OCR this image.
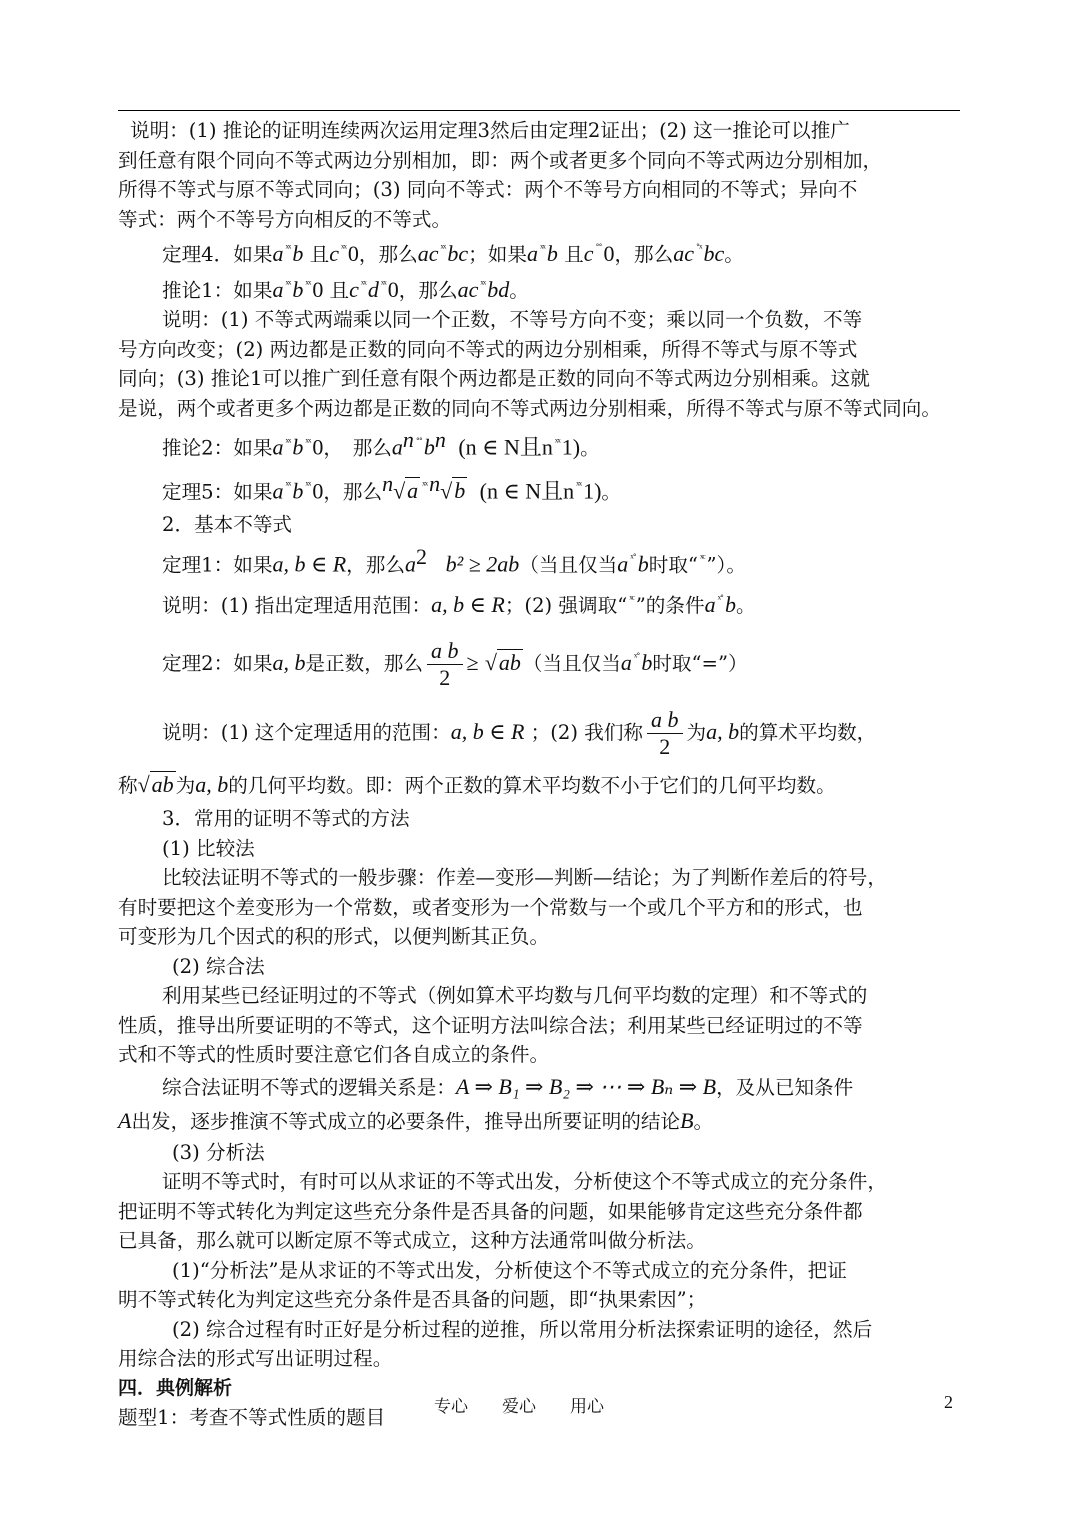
说明：(1) 推论的证明连续两次运用定理3然后由定理2证出；(2) 这一推论可以推广

到任意有限个同向不等式两边分别相加，即：两个或者更多个同向不等式两边分别相加，

所得不等式与原不等式同向；(3) 同向不等式：两个不等号方向相同的不等式；异向不

等式：两个不等号方向相反的不等式。

定理4．如果a $^{ˣˣ}$b 且c $^{ˣˣ}$0，那么ac $^{ˣˣ}$bc；如果a $^{ˣˣ}$b 且c ˚˚0，那么ac $^{˚ˣ}$bc。

推论1：如果a $^{ˣˣ}$b $^{ˣˣ}$0 且c $^{ˣˣ}$d $^{ˣˣ}$0，那么ac $^{ˣˣ}$bd。

说明：(1) 不等式两端乘以同一个正数，不等号方向不变；乘以同一个负数，不等

号方向改变；(2) 两边都是正数的同向不等式的两边分别相乘，所得不等式与原不等式

同向；(3) 推论1可以推广到任意有限个两边都是正数的同向不等式两边分别相乘。这就

是说，两个或者更多个两边都是正数的同向不等式两边分别相乘，所得不等式与原不等式同向。

推论2：如果a $^{ˣˣ}$b $^{ˣˣ}$0，　那么$a^n$ $^{˚˚}b^n$ (n ∈ N且n $^{ˣˣ}$1)。

定理5：如果a $^{ˣˣ}$b $^{ˣˣ}$0，那么$^n$√a $^{ˣˣn}$√b (n ∈ N且n $^{ˣˣ}$1)。

2．基本不等式

定理1：如果a, b ∈ R，那么$a^2$ b² ≥ 2ab（当且仅当a $^{ˣ˚}$b时取“ $^{ˣᶜ}$ ”）。

说明：(1) 指出定理适用范围：a, b ∈ R；(2) 强调取“ $^{ˣᶜ}$ ”的条件a $^{ˣ˚}$b。

定理2：如果a, b是正数，那么 $\frac{\text{a b}}{2} \ge √ab$ （当且仅当a $^{ˣ˚}$b时取“=”）

说明：(1) 这个定理适用的范围：a, b ∈ R ；(2) 我们称 $\frac{\text{a b}}{2}$ 为a, b的算术平均数，

称√ab 为a, b的几何平均数。即：两个正数的算术平均数不小于它们的几何平均数。

3．常用的证明不等式的方法

(1) 比较法

比较法证明不等式的一般步骤：作差—变形—判断—结论；为了判断作差后的符号，

有时要把这个差变形为一个常数，或者变形为一个常数与一个或几个平方和的形式，也

可变形为几个因式的积的形式，以便判断其正负。

(2) 综合法

利用某些已经证明过的不等式（例如算术平均数与几何平均数的定理）和不等式的

性质，推导出所要证明的不等式，这个证明方法叫综合法；利用某些已经证明过的不等

式和不等式的性质时要注意它们各自成立的条件。

综合法证明不等式的逻辑关系是：A ⇒ B₁ ⇒ B₂ ⇒ ⋯ ⇒ Bₙ ⇒ B，及从已知条件

A出发，逐步推演不等式成立的必要条件，推导出所要证明的结论B。

(3) 分析法

证明不等式时，有时可以从求证的不等式出发，分析使这个不等式成立的充分条件，

把证明不等式转化为判定这些充分条件是否具备的问题，如果能够肯定这些充分条件都

已具备，那么就可以断定原不等式成立，这种方法通常叫做分析法。

(1)“分析法”是从求证的不等式出发，分析使这个不等式成立的充分条件，把证

明不等式转化为判定这些充分条件是否具备的问题，即“执果索因”；

(2) 综合过程有时正好是分析过程的逆推，所以常用分析法探索证明的途径，然后

用综合法的形式写出证明过程。

四．典例解析

题型1：考查不等式性质的题目	专心　　爱心　　用心	2
